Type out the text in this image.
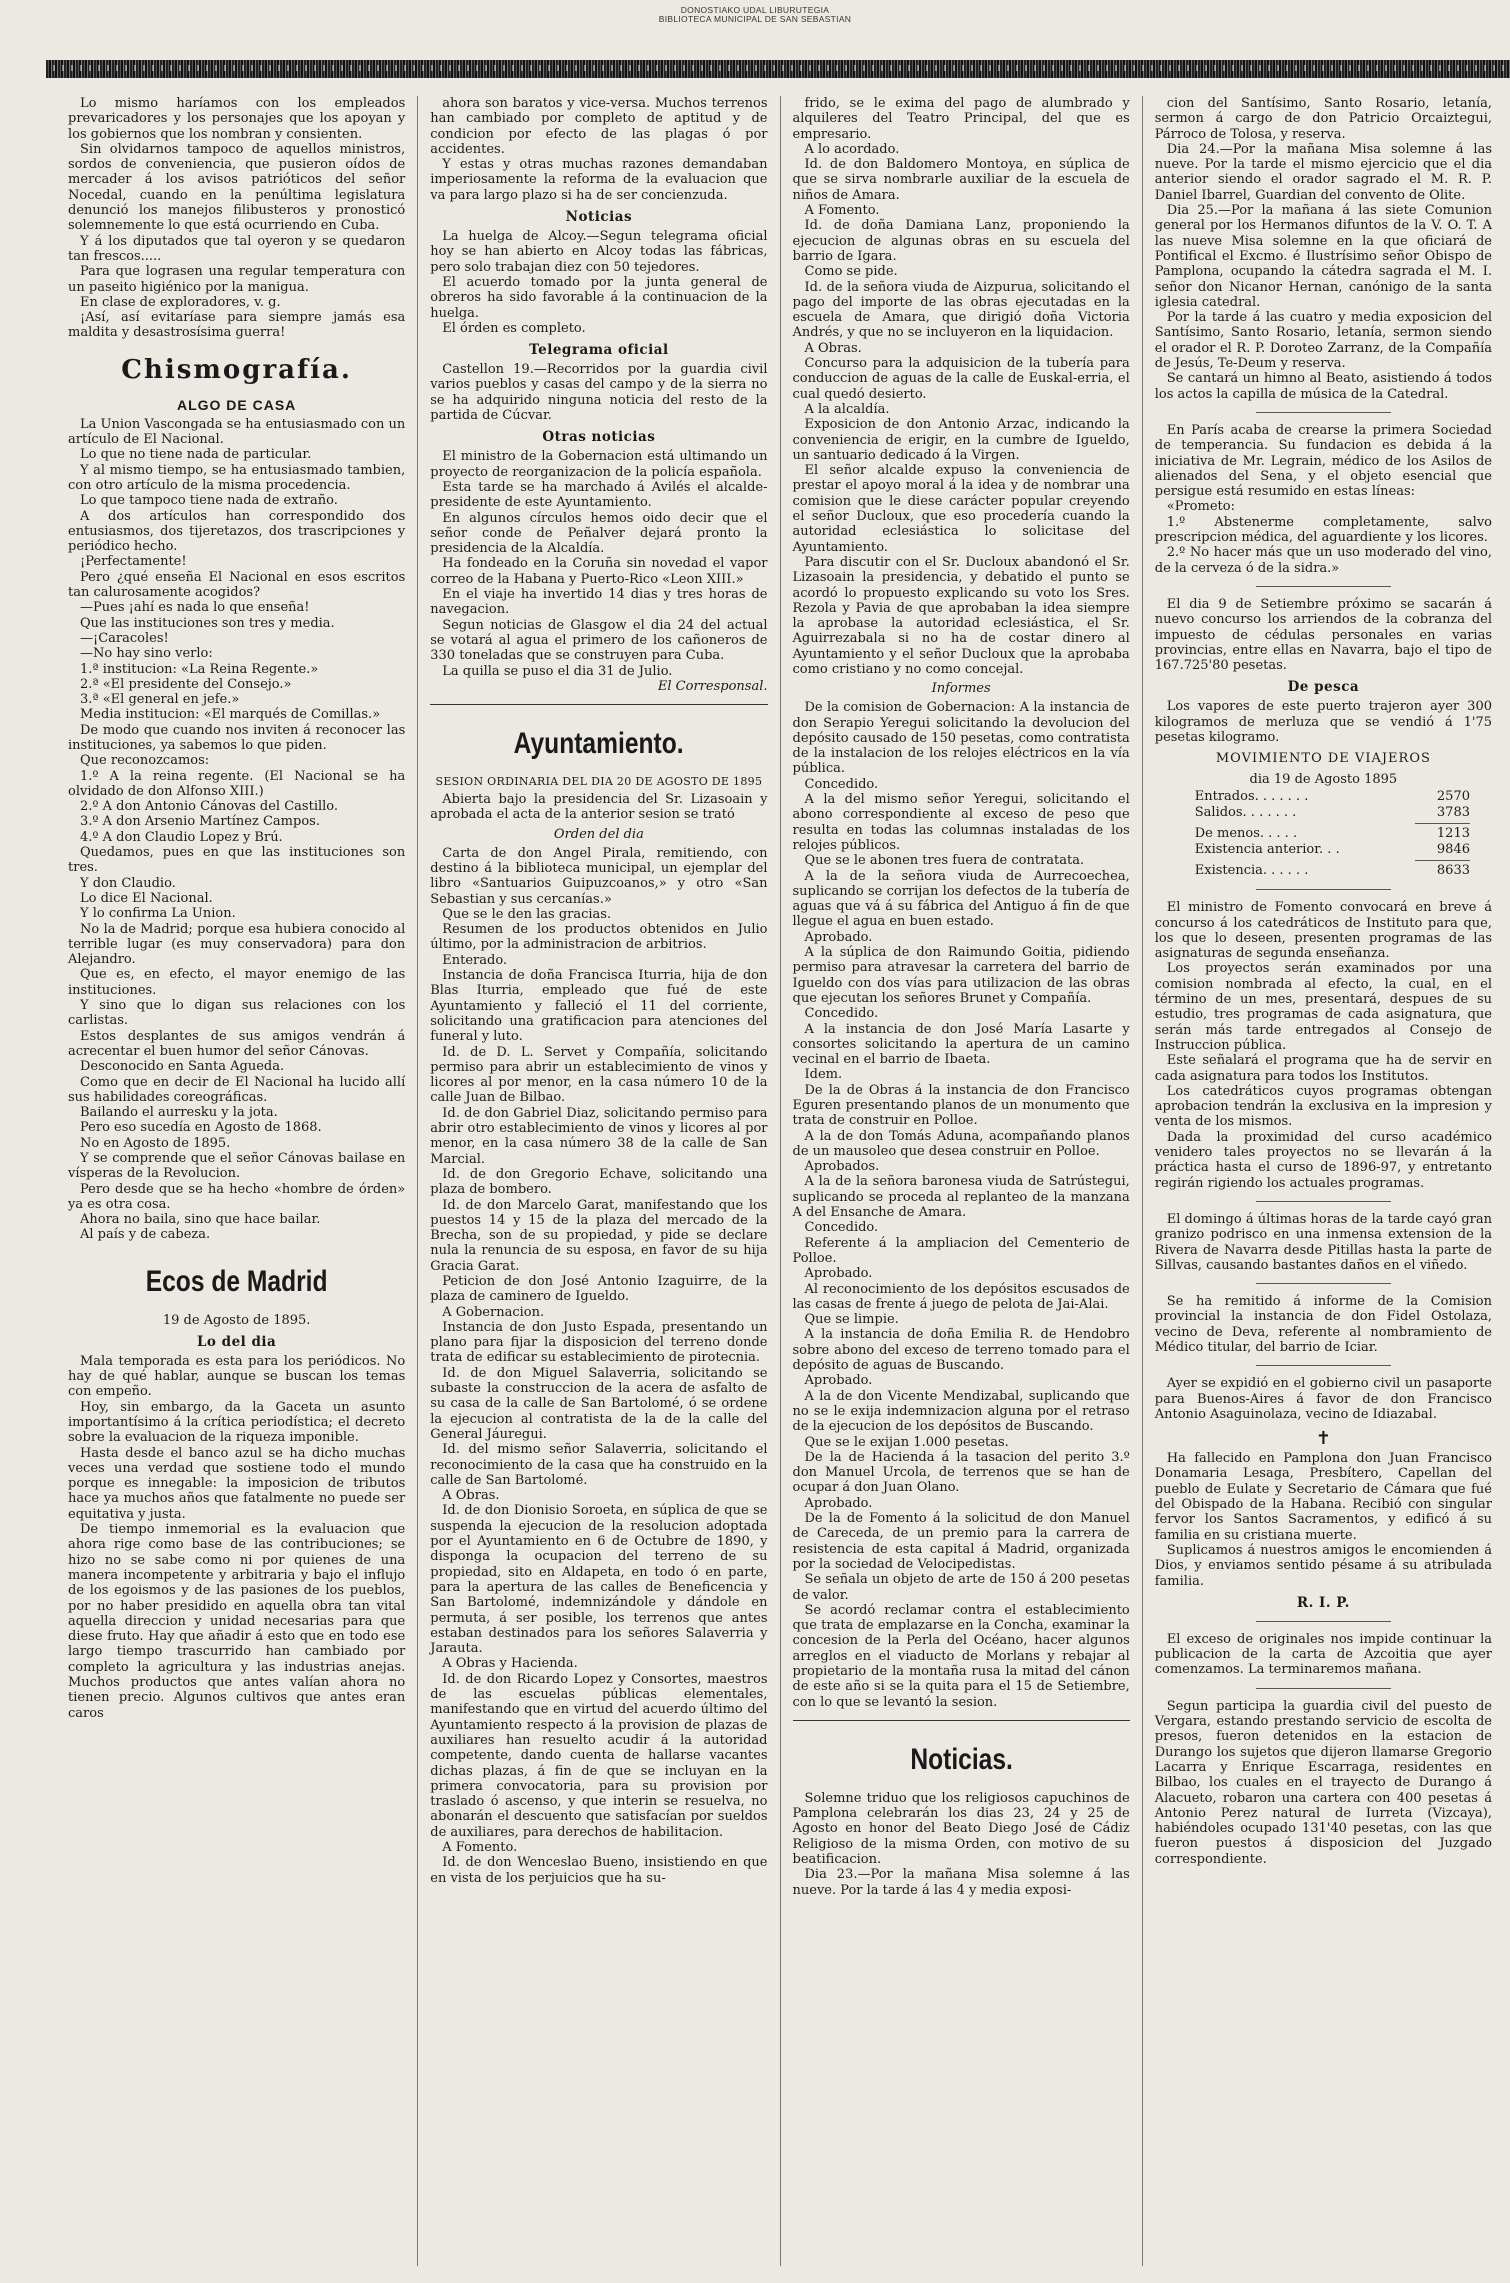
DONOSTIAKO UDAL LIBURUTEGIA
BIBLIOTECA MUNICIPAL DE SAN SEBASTIAN

Lo mismo haríamos con los empleados prevaricadores y los personajes que los apoyan y los gobiernos que los nombran y consienten.

Sin olvidarnos tampoco de aquellos ministros, sordos de conveniencia, que pusieron oídos de mercader á los avisos patrióticos del señor Nocedal, cuando en la penúltima legislatura denunció los manejos filibusteros y pronosticó solemnemente lo que está ocurriendo en Cuba.

Y á los diputados que tal oyeron y se quedaron tan frescos.....

Para que lograsen una regular temperatura con un paseito higiénico por la manigua.

En clase de exploradores, v. g.

¡Así, así evitaríase para siempre jamás esa maldita y desastrosísima guerra!

Chismografía.
ALGO DE CASA

La Union Vascongada se ha entusiasmado con un artículo de El Nacional.

Lo que no tiene nada de particular.

Y al mismo tiempo, se ha entusiasmado tambien, con otro artículo de la misma procedencia.

Lo que tampoco tiene nada de extraño.

A dos artículos han correspondido dos entusiasmos, dos tijeretazos, dos trascripciones y periódico hecho.

¡Perfectamente!

Pero ¿qué enseña El Nacional en esos escritos tan calurosamente acogidos?

—Pues ¡ahí es nada lo que enseña!

Que las instituciones son tres y media.

—¡Caracoles!

—No hay sino verlo:

1.ª institucion: «La Reina Regente.»

2.ª «El presidente del Consejo.»

3.ª «El general en jefe.»

Media institucion: «El marqués de Comillas.»

De modo que cuando nos inviten á reconocer las instituciones, ya sabemos lo que piden.

Que reconozcamos:

1.º A la reina regente. (El Nacional se ha olvidado de don Alfonso XIII.)

2.º A don Antonio Cánovas del Castillo.

3.º A don Arsenio Martínez Campos.

4.º A don Claudio Lopez y Brú.

Quedamos, pues en que las instituciones son tres.

Y don Claudio.

Lo dice El Nacional.

Y lo confirma La Union.

No la de Madrid; porque esa hubiera conocido al terrible lugar (es muy conservadora) para don Alejandro.

Que es, en efecto, el mayor enemigo de las instituciones.

Y sino que lo digan sus relaciones con los carlistas.

Estos desplantes de sus amigos vendrán á acrecentar el buen humor del señor Cánovas.

Desconocido en Santa Agueda.

Como que en decir de El Nacional ha lucido allí sus habilidades coreográficas.

Bailando el aurresku y la jota.

Pero eso sucedía en Agosto de 1868.

No en Agosto de 1895.

Y se comprende que el señor Cánovas bailase en vísperas de la Revolucion.

Pero desde que se ha hecho «hombre de órden» ya es otra cosa.

Ahora no baila, sino que hace bailar.

Al país y de cabeza.

Ecos de Madrid
19 de Agosto de 1895.
Lo del dia

Mala temporada es esta para los periódicos. No hay de qué hablar, aunque se buscan los temas con empeño.

Hoy, sin embargo, da la Gaceta un asunto importantísimo á la crítica periodística; el decreto sobre la evaluacion de la riqueza imponible.

Hasta desde el banco azul se ha dicho muchas veces una verdad que sostiene todo el mundo porque es innegable: la imposicion de tributos hace ya muchos años que fatalmente no puede ser equitativa y justa.

De tiempo inmemorial es la evaluacion que ahora rige como base de las contribuciones; se hizo no se sabe como ni por quienes de una manera incompetente y arbitraria y bajo el influjo de los egoismos y de las pasiones de los pueblos, por no haber presidido en aquella obra tan vital aquella direccion y unidad necesarias para que diese fruto. Hay que añadir á esto que en todo ese largo tiempo trascurrido han cambiado por completo la agricultura y las industrias anejas. Muchos productos que antes valían ahora no tienen precio. Algunos cultivos que antes eran caros

ahora son baratos y vice-versa. Muchos terrenos han cambiado por completo de aptitud y de condicion por efecto de las plagas ó por accidentes.

Y estas y otras muchas razones demandaban imperiosamente la reforma de la evaluacion que va para largo plazo si ha de ser concienzuda.

Noticias

La huelga de Alcoy.—Segun telegrama oficial hoy se han abierto en Alcoy todas las fábricas, pero solo trabajan diez con 50 tejedores.

El acuerdo tomado por la junta general de obreros ha sido favorable á la continuacion de la huelga.

El órden es completo.

Telegrama oficial

Castellon 19.—Recorridos por la guardia civil varios pueblos y casas del campo y de la sierra no se ha adquirido ninguna noticia del resto de la partida de Cúcvar.

Otras noticias

El ministro de la Gobernacion está ultimando un proyecto de reorganizacion de la policía española.

Esta tarde se ha marchado á Avilés el alcalde-presidente de este Ayuntamiento.

En algunos círculos hemos oido decir que el señor conde de Peñalver dejará pronto la presidencia de la Alcaldía.

Ha fondeado en la Coruña sin novedad el vapor correo de la Habana y Puerto-Rico «Leon XIII.»

En el viaje ha invertido 14 dias y tres horas de navegacion.

Segun noticias de Glasgow el dia 24 del actual se votará al agua el primero de los cañoneros de 330 toneladas que se construyen para Cuba.

La quilla se puso el dia 31 de Julio.

El Corresponsal.

Ayuntamiento.
SESION ORDINARIA DEL DIA 20 DE AGOSTO DE 1895

Abierta bajo la presidencia del Sr. Lizasoain y aprobada el acta de la anterior sesion se trató

Orden del dia

Carta de don Angel Pirala, remitiendo, con destino á la biblioteca municipal, un ejemplar del libro «Santuarios Guipuzcoanos,» y otro «San Sebastian y sus cercanías.»

Que se le den las gracias.

Resumen de los productos obtenidos en Julio último, por la administracion de arbitrios.

Enterado.

Instancia de doña Francisca Iturria, hija de don Blas Iturria, empleado que fué de este Ayuntamiento y falleció el 11 del corriente, solicitando una gratificacion para atenciones del funeral y luto.

Id. de D. L. Servet y Compañía, solicitando permiso para abrir un establecimiento de vinos y licores al por menor, en la casa número 10 de la calle Juan de Bilbao.

Id. de don Gabriel Diaz, solicitando permiso para abrir otro establecimiento de vinos y licores al por menor, en la casa número 38 de la calle de San Marcial.

Id. de don Gregorio Echave, solicitando una plaza de bombero.

Id. de don Marcelo Garat, manifestando que los puestos 14 y 15 de la plaza del mercado de la Brecha, son de su propiedad, y pide se declare nula la renuncia de su esposa, en favor de su hija Gracia Garat.

Peticion de don José Antonio Izaguirre, de la plaza de caminero de Igueldo.

A Gobernacion.

Instancia de don Justo Espada, presentando un plano para fijar la disposicion del terreno donde trata de edificar su establecimiento de pirotecnia.

Id. de don Miguel Salaverria, solicitando se subaste la construccion de la acera de asfalto de su casa de la calle de San Bartolomé, ó se ordene la ejecucion al contratista de la de la calle del General Jáuregui.

Id. del mismo señor Salaverria, solicitando el reconocimiento de la casa que ha construido en la calle de San Bartolomé.

A Obras.

Id. de don Dionisio Soroeta, en súplica de que se suspenda la ejecucion de la resolucion adoptada por el Ayuntamiento en 6 de Octubre de 1890, y disponga la ocupacion del terreno de su propiedad, sito en Aldapeta, en todo ó en parte, para la apertura de las calles de Beneficencia y San Bartolomé, indemnizándole y dándole en permuta, á ser posible, los terrenos que antes estaban destinados para los señores Salaverria y Jarauta.

A Obras y Hacienda.

Id. de don Ricardo Lopez y Consortes, maestros de las escuelas públicas elementales, manifestando que en virtud del acuerdo último del Ayuntamiento respecto á la provision de plazas de auxiliares han resuelto acudir á la autoridad competente, dando cuenta de hallarse vacantes dichas plazas, á fin de que se incluyan en la primera convocatoria, para su provision por traslado ó ascenso, y que interin se resuelva, no abonarán el descuento que satisfacían por sueldos de auxiliares, para derechos de habilitacion.

A Fomento.

Id. de don Wenceslao Bueno, insistiendo en que en vista de los perjuicios que ha su-

frido, se le exima del pago de alumbrado y alquileres del Teatro Principal, del que es empresario.

A lo acordado.

Id. de don Baldomero Montoya, en súplica de que se sirva nombrarle auxiliar de la escuela de niños de Amara.

A Fomento.

Id. de doña Damiana Lanz, proponiendo la ejecucion de algunas obras en su escuela del barrio de Igara.

Como se pide.

Id. de la señora viuda de Aizpurua, solicitando el pago del importe de las obras ejecutadas en la escuela de Amara, que dirigió doña Victoria Andrés, y que no se incluyeron en la liquidacion.

A Obras.

Concurso para la adquisicion de la tubería para conduccion de aguas de la calle de Euskal-erria, el cual quedó desierto.

A la alcaldía.

Exposicion de don Antonio Arzac, indicando la conveniencia de erigir, en la cumbre de Igueldo, un santuario dedicado á la Virgen.

El señor alcalde expuso la conveniencia de prestar el apoyo moral á la idea y de nombrar una comision que le diese carácter popular creyendo el señor Ducloux, que eso procedería cuando la autoridad eclesiástica lo solicitase del Ayuntamiento.

Para discutir con el Sr. Ducloux abandonó el Sr. Lizasoain la presidencia, y debatido el punto se acordó lo propuesto explicando su voto los Sres. Rezola y Pavia de que aprobaban la idea siempre la aprobase la autoridad eclesiástica, el Sr. Aguirrezabala si no ha de costar dinero al Ayuntamiento y el señor Ducloux que la aprobaba como cristiano y no como concejal.

Informes

De la comision de Gobernacion: A la instancia de don Serapio Yeregui solicitando la devolucion del depósito causado de 150 pesetas, como contratista de la instalacion de los relojes eléctricos en la vía pública.

Concedido.

A la del mismo señor Yeregui, solicitando el abono correspondiente al exceso de peso que resulta en todas las columnas instaladas de los relojes públicos.

Que se le abonen tres fuera de contratata.

A la de la señora viuda de Aurrecoechea, suplicando se corrijan los defectos de la tubería de aguas que vá á su fábrica del Antiguo á fin de que llegue el agua en buen estado.

Aprobado.

A la súplica de don Raimundo Goitia, pidiendo permiso para atravesar la carretera del barrio de Igueldo con dos vías para utilizacion de las obras que ejecutan los señores Brunet y Compañía.

Concedido.

A la instancia de don José María Lasarte y consortes solicitando la apertura de un camino vecinal en el barrio de Ibaeta.

Idem.

De la de Obras á la instancia de don Francisco Eguren presentando planos de un monumento que trata de construir en Polloe.

A la de don Tomás Aduna, acompañando planos de un mausoleo que desea construir en Polloe.

Aprobados.

A la de la señora baronesa viuda de Satrústegui, suplicando se proceda al replanteo de la manzana A del Ensanche de Amara.

Concedido.

Referente á la ampliacion del Cementerio de Polloe.

Aprobado.

Al reconocimiento de los depósitos escusados de las casas de frente á juego de pelota de Jai-Alai.

Que se limpie.

A la instancia de doña Emilia R. de Hendobro sobre abono del exceso de terreno tomado para el depósito de aguas de Buscando.

Aprobado.

A la de don Vicente Mendizabal, suplicando que no se le exija indemnizacion alguna por el retraso de la ejecucion de los depósitos de Buscando.

Que se le exijan 1.000 pesetas.

De la de Hacienda á la tasacion del perito 3.º don Manuel Urcola, de terrenos que se han de ocupar á don Juan Olano.

Aprobado.

De la de Fomento á la solicitud de don Manuel de Careceda, de un premio para la carrera de resistencia de esta capital á Madrid, organizada por la sociedad de Velocipedistas.

Se señala un objeto de arte de 150 á 200 pesetas de valor.

Se acordó reclamar contra el establecimiento que trata de emplazarse en la Concha, examinar la concesion de la Perla del Océano, hacer algunos arreglos en el viaducto de Morlans y rebajar al propietario de la montaña rusa la mitad del cánon de este año si se la quita para el 15 de Setiembre, con lo que se levantó la sesion.

Noticias.

Solemne triduo que los religiosos capuchinos de Pamplona celebrarán los dias 23, 24 y 25 de Agosto en honor del Beato Diego José de Cádiz Religioso de la misma Orden, con motivo de su beatificacion.

Dia 23.—Por la mañana Misa solemne á las nueve. Por la tarde á las 4 y media exposi-

cion del Santísimo, Santo Rosario, letanía, sermon á cargo de don Patricio Orcaiztegui, Párroco de Tolosa, y reserva.

Dia 24.—Por la mañana Misa solemne á las nueve. Por la tarde el mismo ejercicio que el dia anterior siendo el orador sagrado el M. R. P. Daniel Ibarrel, Guardian del convento de Olite.

Dia 25.—Por la mañana á las siete Comunion general por los Hermanos difuntos de la V. O. T. A las nueve Misa solemne en la que oficiará de Pontifical el Excmo. é Ilustrísimo señor Obispo de Pamplona, ocupando la cátedra sagrada el M. I. señor don Nicanor Hernan, canónigo de la santa iglesia catedral.

Por la tarde á las cuatro y media exposicion del Santísimo, Santo Rosario, letanía, sermon siendo el orador el R. P. Doroteo Zarranz, de la Compañía de Jesús, Te-Deum y reserva.

Se cantará un himno al Beato, asistiendo á todos los actos la capilla de música de la Catedral.

En París acaba de crearse la primera Sociedad de temperancia. Su fundacion es debida á la iniciativa de Mr. Legrain, médico de los Asilos de alienados del Sena, y el objeto esencial que persigue está resumido en estas líneas:

«Prometo:

1.º Abstenerme completamente, salvo prescripcion médica, del aguardiente y los licores.

2.º No hacer más que un uso moderado del vino, de la cerveza ó de la sidra.»

El dia 9 de Setiembre próximo se sacarán á nuevo concurso los arriendos de la cobranza del impuesto de cédulas personales en varias provincias, entre ellas en Navarra, bajo el tipo de 167.725'80 pesetas.

De pesca

Los vapores de este puerto trajeron ayer 300 kilogramos de merluza que se vendió á 1'75 pesetas kilogramo.

MOVIMIENTO DE VIAJEROS
dia 19 de Agosto 1895
Entrados. . . . . . .	2570
Salidos. . . . . . .	3783
De menos. . . . .	1213
Existencia anterior. . .	9846
Existencia. . . . . .	8633

El ministro de Fomento convocará en breve á concurso á los catedráticos de Instituto para que, los que lo deseen, presenten programas de las asignaturas de segunda enseñanza.

Los proyectos serán examinados por una comision nombrada al efecto, la cual, en el término de un mes, presentará, despues de su estudio, tres programas de cada asignatura, que serán más tarde entregados al Consejo de Instruccion pública.

Este señalará el programa que ha de servir en cada asignatura para todos los Institutos.

Los catedráticos cuyos programas obtengan aprobacion tendrán la exclusiva en la impresion y venta de los mismos.

Dada la proximidad del curso académico venidero tales proyectos no se llevarán á la práctica hasta el curso de 1896-97, y entretanto regirán rigiendo los actuales programas.

El domingo á últimas horas de la tarde cayó gran granizo podrisco en una inmensa extension de la Rivera de Navarra desde Pitillas hasta la parte de Sillvas, causando bastantes daños en el viñedo.

Se ha remitido á informe de la Comision provincial la instancia de don Fidel Ostolaza, vecino de Deva, referente al nombramiento de Médico titular, del barrio de Iciar.

Ayer se expidió en el gobierno civil un pasaporte para Buenos-Aires á favor de don Francisco Antonio Asaguinolaza, vecino de Idiazabal.

✝

Ha fallecido en Pamplona don Juan Francisco Donamaria Lesaga, Presbítero, Capellan del pueblo de Eulate y Secretario de Cámara que fué del Obispado de la Habana. Recibió con singular fervor los Santos Sacramentos, y edificó á su familia en su cristiana muerte.

Suplicamos á nuestros amigos le encomienden á Dios, y enviamos sentido pésame á su atribulada familia.

R. I. P.

El exceso de originales nos impide continuar la publicacion de la carta de Azcoitia que ayer comenzamos. La terminaremos mañana.

Segun participa la guardia civil del puesto de Vergara, estando prestando servicio de escolta de presos, fueron detenidos en la estacion de Durango los sujetos que dijeron llamarse Gregorio Lacarra y Enrique Escarraga, residentes en Bilbao, los cuales en el trayecto de Durango á Alacueto, robaron una cartera con 400 pesetas á Antonio Perez natural de Iurreta (Vizcaya), habiéndoles ocupado 131'40 pesetas, con las que fueron puestos á disposicion del Juzgado correspondiente.
